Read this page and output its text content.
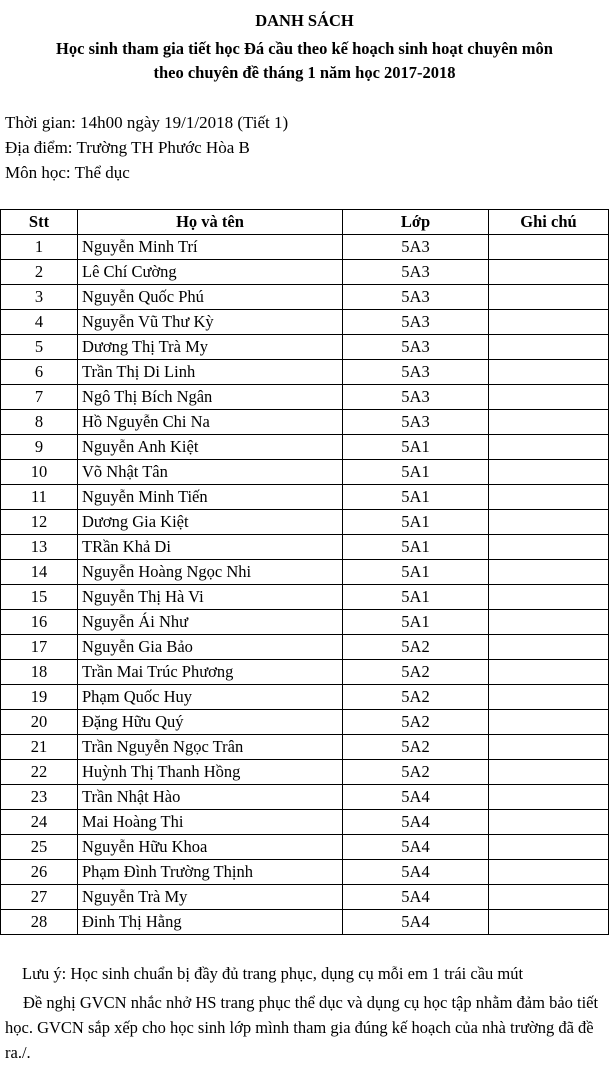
DANH SÁCH
Học sinh tham gia tiết học Đá cầu theo kế hoạch sinh hoạt chuyên môn
theo chuyên đề tháng 1 năm học 2017-2018
Thời gian: 14h00 ngày 19/1/2018 (Tiết 1)
Địa điểm: Trường TH Phước Hòa B
Môn học: Thể dục
Stt	Họ và tên	Lớp	Ghi chú
1	Nguyễn Minh Trí	5A3	
2	Lê Chí Cường	5A3	
3	Nguyễn Quốc Phú	5A3	
4	Nguyễn Vũ Thư Kỳ	5A3	
5	Dương Thị Trà My	5A3	
6	Trần Thị Di Linh	5A3	
7	Ngô Thị Bích Ngân	5A3	
8	Hồ Nguyễn Chi Na	5A3	
9	Nguyễn Anh Kiệt	5A1	
10	Võ Nhật Tân	5A1	
11	Nguyễn Minh Tiến	5A1	
12	Dương Gia Kiệt	5A1	
13	TRần Khả Di	5A1	
14	Nguyễn Hoàng Ngọc Nhi	5A1	
15	Nguyễn Thị Hà Vi	5A1	
16	Nguyễn Ái Như	5A1	
17	Nguyễn Gia Bảo	5A2	
18	Trần Mai Trúc Phương	5A2	
19	Phạm Quốc Huy	5A2	
20	Đặng Hữu Quý	5A2	
21	Trần Nguyễn Ngọc Trân	5A2	
22	Huỳnh Thị Thanh Hồng	5A2	
23	Trần Nhật Hào	5A4	
24	Mai Hoàng Thi	5A4	
25	Nguyễn Hữu Khoa	5A4	
26	Phạm Đình Trường Thịnh	5A4	
27	Nguyễn Trà My	5A4	
28	Đinh Thị Hằng	5A4	
Lưu ý: Học sinh chuẩn bị đầy đủ trang phục, dụng cụ mỗi em 1 trái cầu mút
Đề nghị GVCN nhắc nhở HS trang phục thể dục và dụng cụ học tập nhằm đảm bảo tiết học. GVCN sắp xếp cho học sinh lớp mình tham gia đúng kế hoạch của nhà trường đã đề ra./.
